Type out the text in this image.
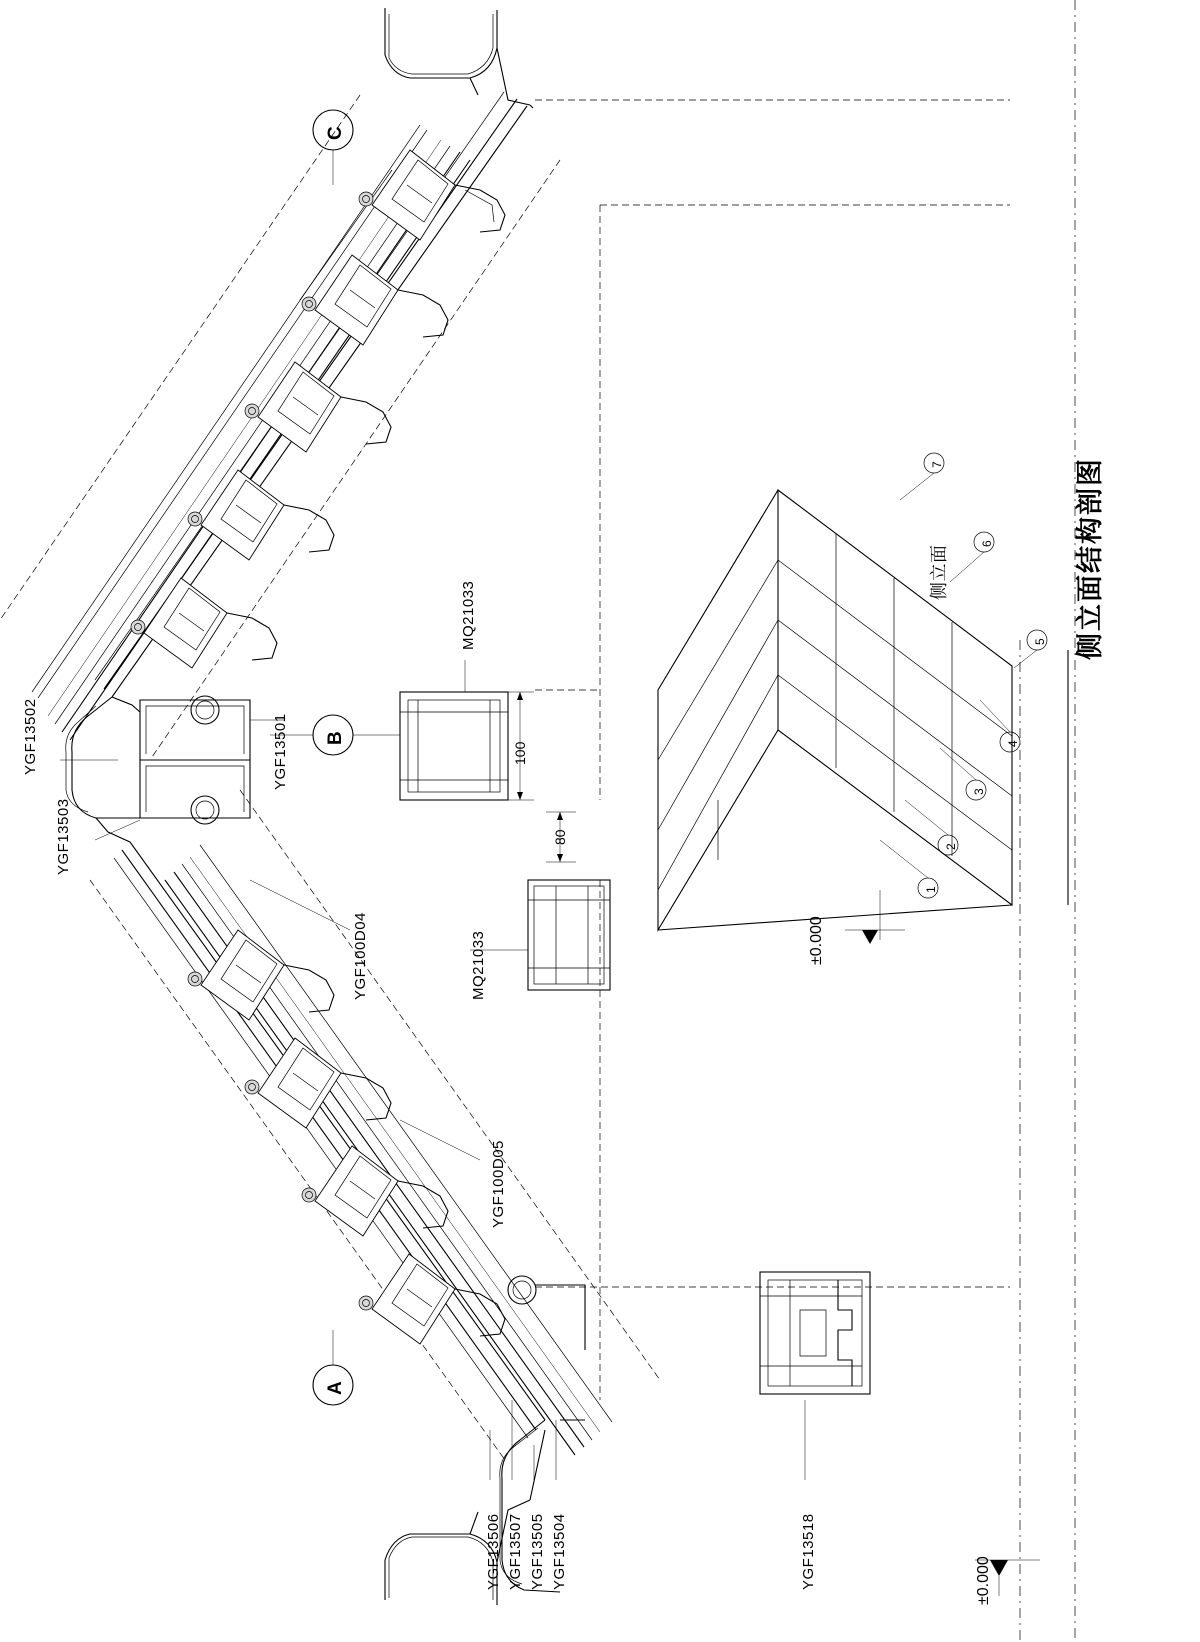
C
B
A
YGF13502
YGF13503
YGF13501
YGF100D04
YGF100D05
MQ21033
MQ21033
YGF13506 YGF13507 YGF13505 YGF13504	YGF13518
100
80
1
2
3
4
5
6
7
±0.000
±0.000
侧立面	侧立面结构剖图
